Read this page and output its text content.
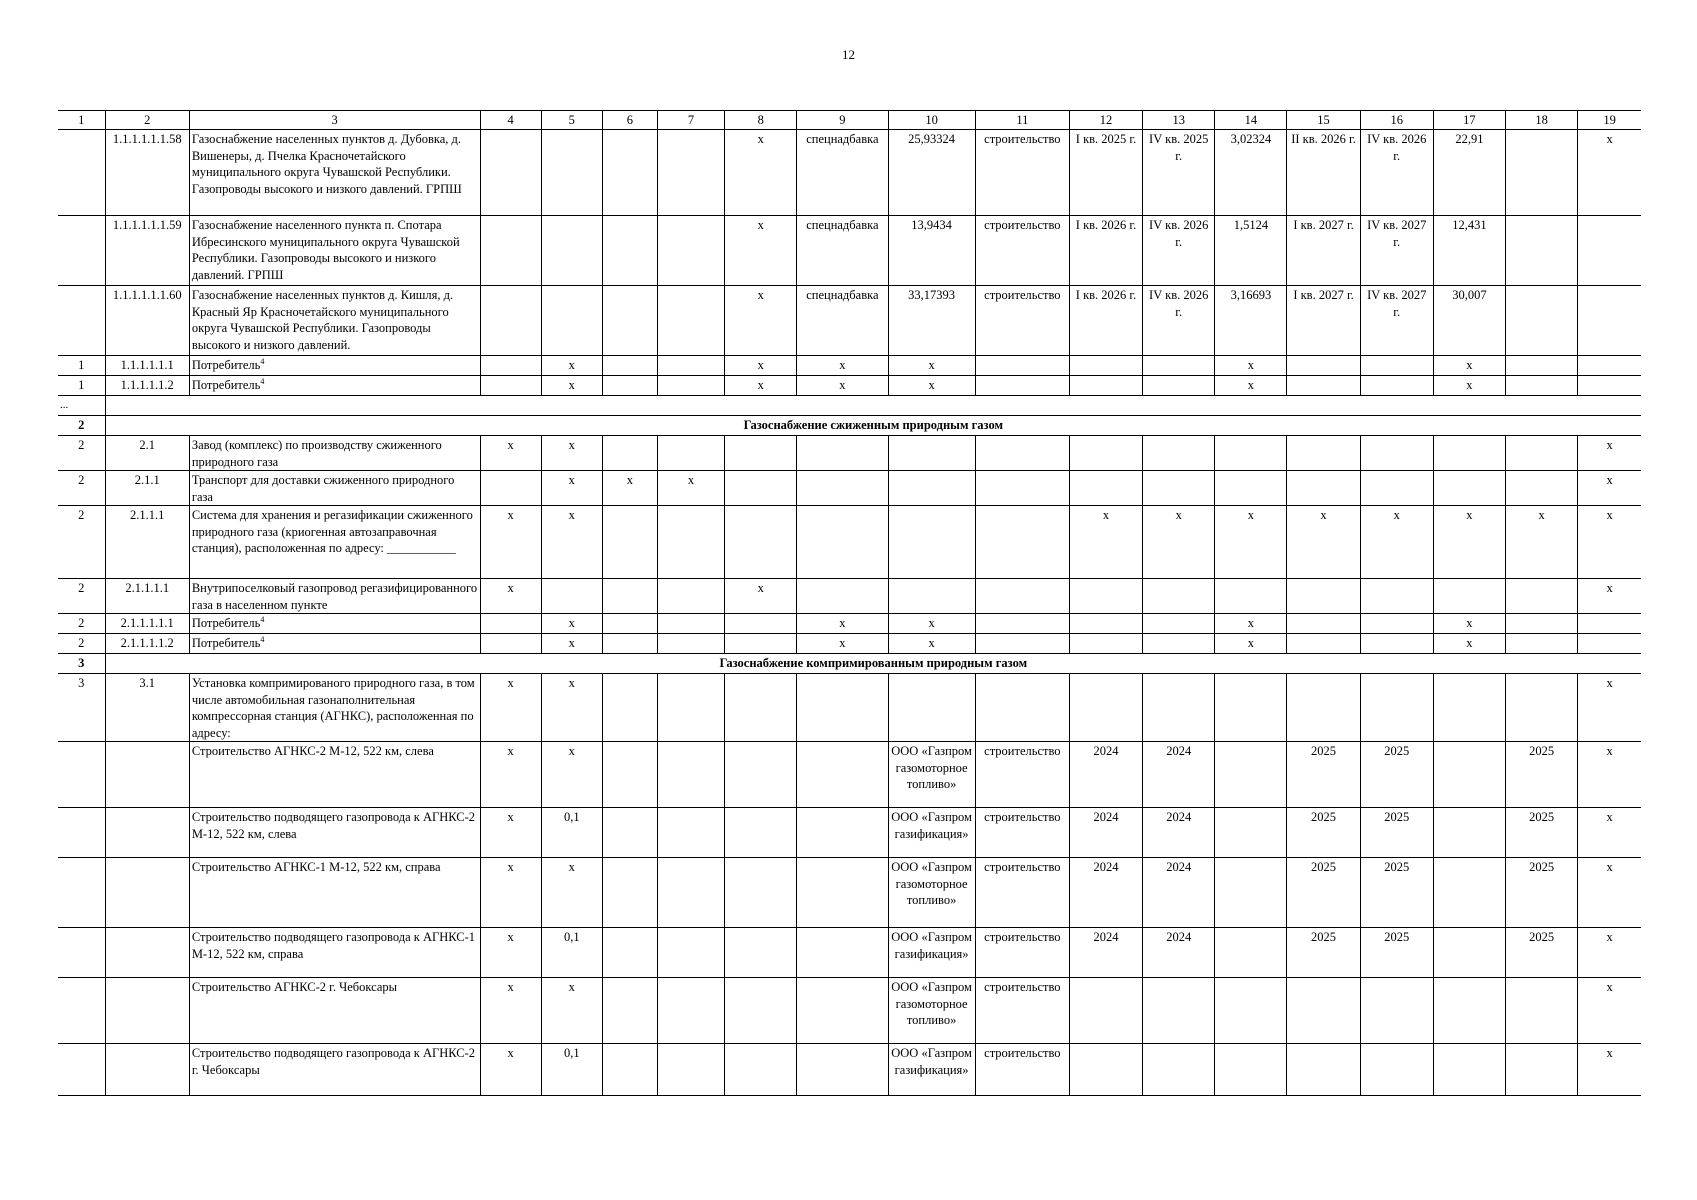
12
1	2	3	4	5	6	7	8	9	10	11	12	13	14	15	16	17	18	19
	1.1.1.1.1.1.58	Газоснабжение населенных пунктов д. Дубовка, д. Вишенеры, д. Пчелка Красночетайского муниципального округа Чувашской Республики. Газопроводы высокого и низкого давлений. ГРПШ					x	спецнадбавка	25,93324	строительство	I кв. 2025 г.	IV кв. 2025 г.	3,02324	II кв. 2026 г.	IV кв. 2026 г.	22,91		x
	1.1.1.1.1.1.59	Газоснабжение населенного пункта п. Спотара Ибресинского муниципального округа Чувашской Республики. Газопроводы высокого и низкого давлений. ГРПШ					x	спецнадбавка	13,9434	строительство	I кв. 2026 г.	IV кв. 2026 г.	1,5124	I кв. 2027 г.	IV кв. 2027 г.	12,431		
	1.1.1.1.1.1.60	Газоснабжение населенных пунктов д. Кишля, д. Красный Яр Красночетайского муниципального округа Чувашской Республики. Газопроводы высокого и низкого давлений.					x	спецнадбавка	33,17393	строительство	I кв. 2026 г.	IV кв. 2026 г.	3,16693	I кв. 2027 г.	IV кв. 2027 г.	30,007		
1	1.1.1.1.1.1	Потребитель$^4$		x			x	x	x				x			x		
1	1.1.1.1.1.2	Потребитель$^4$		x			x	x	x				x			x		
...																		
2	Газоснабжение сжиженным природным газом																	
2	2.1	Завод (комплекс) по производству сжиженного природного газа	x	x														x
2	2.1.1	Транспорт для доставки сжиженного природного газа		x	x	x												x
2	2.1.1.1	Система для хранения и регазификации сжиженного природного газа (криогенная автозаправочная станция), расположенная по адресу: ___________	x	x							x	x	x	x	x	x	x	x
2	2.1.1.1.1	Внутрипоселковый газопровод регазифицированного газа в населенном пункте	x				x											x
2	2.1.1.1.1.1	Потребитель$^4$		x				x	x				x			x		
2	2.1.1.1.1.2	Потребитель$^4$		x				x	x				x			x		
3	Газоснабжение компримированным природным газом																	
3	3.1	Установка компримированого природного газа, в том числе автомобильная газонаполнительная компрессорная станция (АГНКС), расположенная по адресу:	x	x														x
		Строительство АГНКС-2 М-12, 522 км, слева	x	x					ООО «Газпром газомоторное топливо»	строительство	2024	2024		2025	2025		2025	x
		Строительство подводящего газопровода к АГНКС-2 М-12, 522 км, слева	x	0,1					ООО «Газпром газификация»	строительство	2024	2024		2025	2025		2025	x
		Строительство АГНКС-1 М-12, 522 км, справа	x	x					ООО «Газпром газомоторное топливо»	строительство	2024	2024		2025	2025		2025	x
		Строительство подводящего газопровода к АГНКС-1 М-12, 522 км, справа	x	0,1					ООО «Газпром газификация»	строительство	2024	2024		2025	2025		2025	x
		Строительство АГНКС-2 г. Чебоксары	x	x					ООО «Газпром газомоторное топливо»	строительство								x
		Строительство подводящего газопровода к АГНКС-2 г. Чебоксары	x	0,1					ООО «Газпром газификация»	строительство								x
